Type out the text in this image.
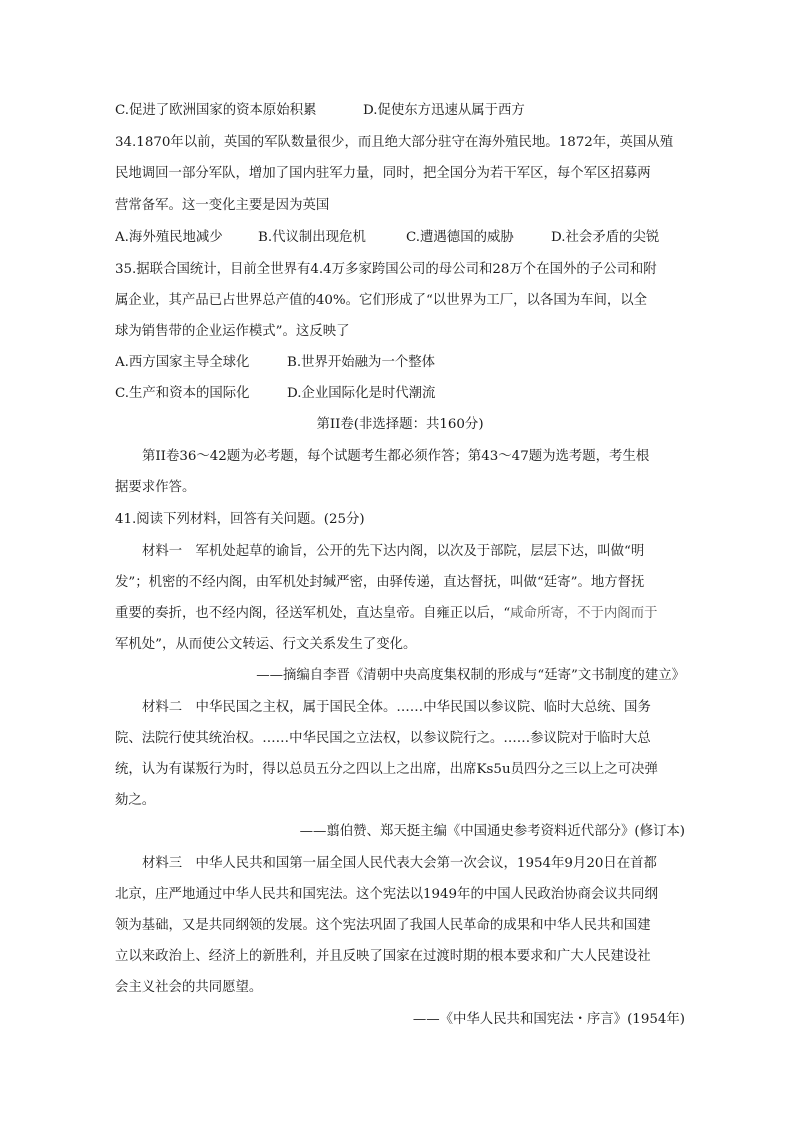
C.促进了欧洲国家的资本原始积累	D.促使东方迅速从属于西方
34.1870年以前，英国的军队数量很少，而且绝大部分驻守在海外殖民地。1872年，英国从殖
民地调回一部分军队，增加了国内驻军力量，同时，把全国分为若干军区，每个军区招募两
营常备军。这一变化主要是因为英国
A.海外殖民地减少	B.代议制出现危机	C.遭遇德国的威胁	D.社会矛盾的尖锐
35.据联合国统计，目前全世界有4.4万多家跨国公司的母公司和28万个在国外的子公司和附
属企业，其产品已占世界总产值的40%。它们形成了“以世界为工厂，以各国为车间，以全
球为销售带的企业运作模式”。这反映了
A.西方国家主导全球化	B.世界开始融为一个整体
C.生产和资本的国际化	D.企业国际化是时代潮流
第II卷(非选择题：共160分)
第II卷36～42题为必考题，每个试题考生都必须作答；第43～47题为选考题，考生根
据要求作答。
41.阅读下列材料，回答有关问题。(25分)
材料一　军机处起草的谕旨，公开的先下达内阁，以次及于部院，层层下达，叫做“明
发”；机密的不经内阁，由军机处封缄严密，由驿传递，直达督抚，叫做“廷寄”。地方督抚
重要的奏折，也不经内阁，径送军机处，直达皇帝。自雍正以后，“咸命所寄，不于内阁而于
军机处”，从而使公文转运、行文关系发生了变化。
——摘编自李晋《清朝中央高度集权制的形成与“廷寄”文书制度的建立》
材料二　中华民国之主权，属于国民全体。……中华民国以参议院、临时大总统、国务
院、法院行使其统治权。……中华民国之立法权，以参议院行之。……参议院对于临时大总
统，认为有谋叛行为时，得以总员五分之四以上之出席，出席Ks5u员四分之三以上之可决弹
劾之。
——翦伯赞、郑天挺主编《中国通史参考资料近代部分》(修订本)
材料三　中华人民共和国第一届全国人民代表大会第一次会议，1954年9月20日在首都
北京，庄严地通过中华人民共和国宪法。这个宪法以1949年的中国人民政治协商会议共同纲
领为基础，又是共同纲领的发展。这个宪法巩固了我国人民革命的成果和中华人民共和国建
立以来政治上、经济上的新胜利，并且反映了国家在过渡时期的根本要求和广大人民建设社
会主义社会的共同愿望。
——《中华人民共和国宪法・序言》(1954年)
